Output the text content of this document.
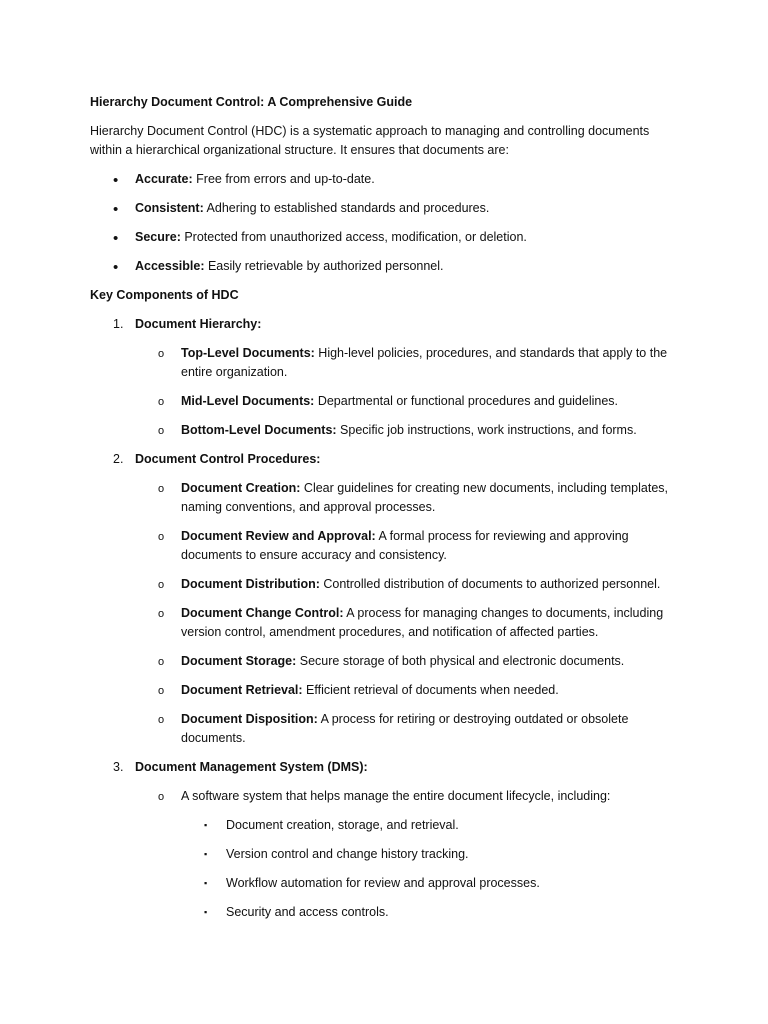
Hierarchy Document Control: A Comprehensive Guide
Hierarchy Document Control (HDC) is a systematic approach to managing and controlling documents
within a hierarchical organizational structure. It ensures that documents are:
• Accurate: Free from errors and up-to-date.
• Consistent: Adhering to established standards and procedures.
• Secure: Protected from unauthorized access, modification, or deletion.
• Accessible: Easily retrievable by authorized personnel.
Key Components of HDC
1. Document Hierarchy:
o Top-Level Documents: High-level policies, procedures, and standards that apply to the
entire organization.
o Mid-Level Documents: Departmental or functional procedures and guidelines.
o Bottom-Level Documents: Specific job instructions, work instructions, and forms.
2. Document Control Procedures:
o Document Creation: Clear guidelines for creating new documents, including templates,
naming conventions, and approval processes.
o Document Review and Approval: A formal process for reviewing and approving
documents to ensure accuracy and consistency.
o Document Distribution: Controlled distribution of documents to authorized personnel.
o Document Change Control: A process for managing changes to documents, including
version control, amendment procedures, and notification of affected parties.
o Document Storage: Secure storage of both physical and electronic documents.
o Document Retrieval: Efficient retrieval of documents when needed.
o Document Disposition: A process for retiring or destroying outdated or obsolete
documents.
3. Document Management System (DMS):
o A software system that helps manage the entire document lifecycle, including:
▪ Document creation, storage, and retrieval.
▪ Version control and change history tracking.
▪ Workflow automation for review and approval processes.
▪ Security and access controls.
